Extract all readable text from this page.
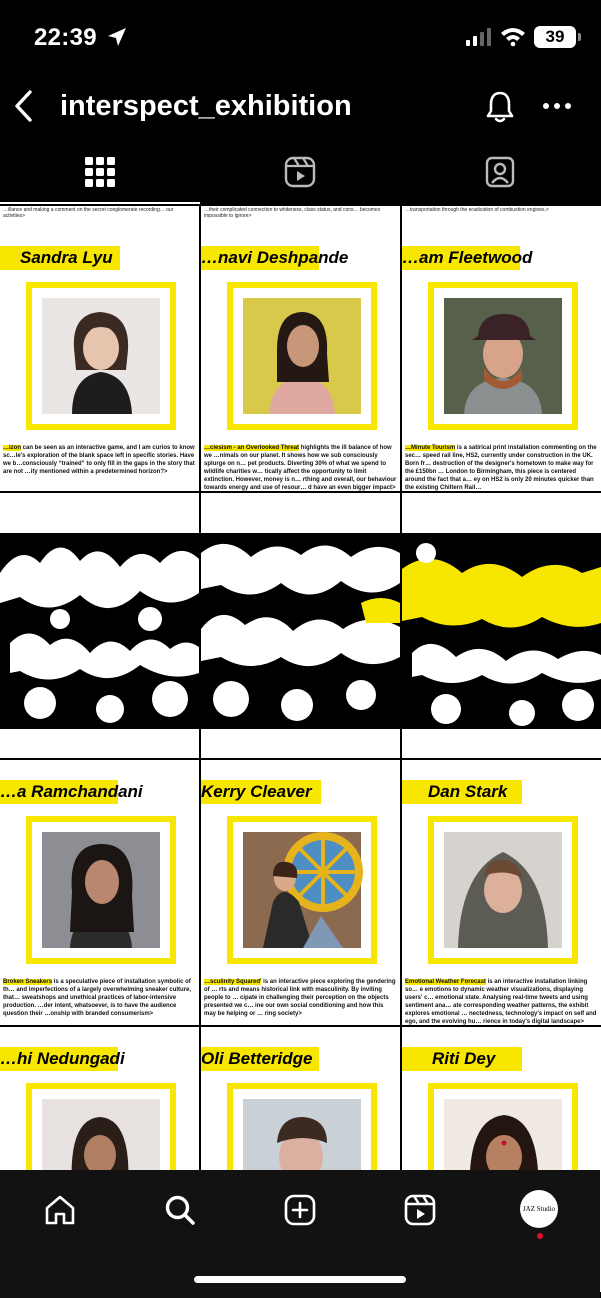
22:39	39
interspect_exhibition
…illance and making a comment on the secret conglomerate recording… our activities>
…their complicated connection to whiteness, class status, and cons… becomes impossible to ignore>
…transportation through the eradication of combustion engines.>
Sandra Lyu
…izon can be seen as an interactive game, and I am curios to know sc…le's exploration of the blank space left in specific stories. Have we b…consciously “trained” to only fill in the gaps in the story that are not …ity mentioned within a predetermined horizon?>
…navi Deshpande
…ciesism - an Overlooked Threat highlights the ill balance of how we …nimals on our planet. It shows how we sub consciously splurge on n… pet products. Diverting 30% of what we spend to wildlife charities w… tically affect the opportunity to limit extinction. However, money is n… rthing and overall, our behaviour towards energy and use of resour… d have an even bigger impact>
…am Fleetwood
…Minute Tourism is a satirical print installation commenting on the sec… speed rail line, HS2, currently under construction in the UK. Born fr… destruction of the designer's hometown to make way for the £150bn … London to Birmingham, this piece is centered around the fact that a… ey on HS2 is only 20 minutes quicker than the existing Chiltern Rail…
…a Ramchandani
Broken Sneakers is a speculative piece of installation symbolic of th… and imperfections of a largely overwhelming sneaker culture, that… sweatshops and unethical practices of labor-intensive production. …der intent, whatsoever, is to have the audience question their …onship with branded consumerism>
Kerry Cleaver
…sculinity Squared' is an interactive piece exploring the gendering of … rts and means historical link with masculinity. By inviting people to … cipate in challenging their perception on the objects presented we c… ine our own social conditioning and how this may be helping or … ring society>
Dan Stark
Emotional Weather Forecast is an interactive installation linking so… e emotions to dynamic weather visualizations, displaying users' c… emotional state. Analysing real-time tweets and using sentiment ana… ate corresponding weather patterns, the exhibit explores emotional … nectedness, technology's impact on self and ego, and the evolving hu… rience in today's digital landscape>
…hi Nedungadi	Oli Betteridge	Riti Dey
JAZ Studio
